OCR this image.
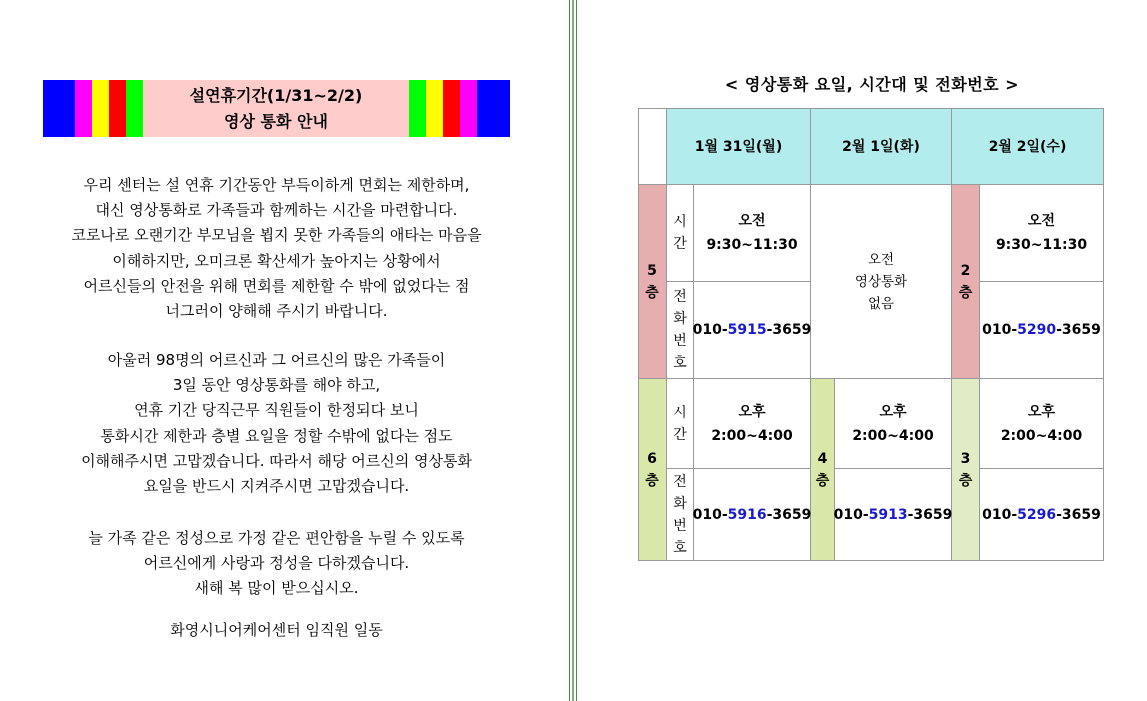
설연휴기간(1/31~2/2)
영상 통화 안내
우리 센터는 설 연휴 기간동안 부득이하게 면회는 제한하며,
대신 영상통화로 가족들과 함께하는 시간을 마련합니다.
코로나로 오랜기간 부모님을 뵙지 못한 가족들의 애타는 마음을
이해하지만, 오미크론 확산세가 높아지는 상황에서
어르신들의 안전을 위해 면회를 제한할 수 밖에 없었다는 점
너그러이 양해해 주시기 바랍니다.
아울러 98명의 어르신과 그 어르신의 많은 가족들이
3일 동안 영상통화를 해야 하고,
연휴 기간 당직근무 직원들이 한정되다 보니
통화시간 제한과 층별 요일을 정할 수밖에 없다는 점도
이해해주시면 고맙겠습니다. 따라서 해당 어르신의 영상통화
요일을 반드시 지켜주시면 고맙겠습니다.
늘 가족 같은 정성으로 가정 같은 편안함을 누릴 수 있도록
어르신에게 사랑과 정성을 다하겠습니다.
새해 복 많이 받으십시오.
화영시니어케어센터 임직원 일동
< 영상통화 요일, 시간대 및 전화번호 >
1월 31일(월)	2월 1일(화)	2월 2일(수)
5
층
시
간
오전
9:30~11:30
전
화
번
호
010- 5915 -3659
오전
영상통화
없음
2
층
오전
9:30~11:30
010- 5290 -3659
6
층
시
간
오후
2:00~4:00
전
화
번
호
010- 5916 -3659
4
층
오후
2:00~4:00
010- 5913 -3659
3
층
오후
2:00~4:00
010- 5296 -3659
